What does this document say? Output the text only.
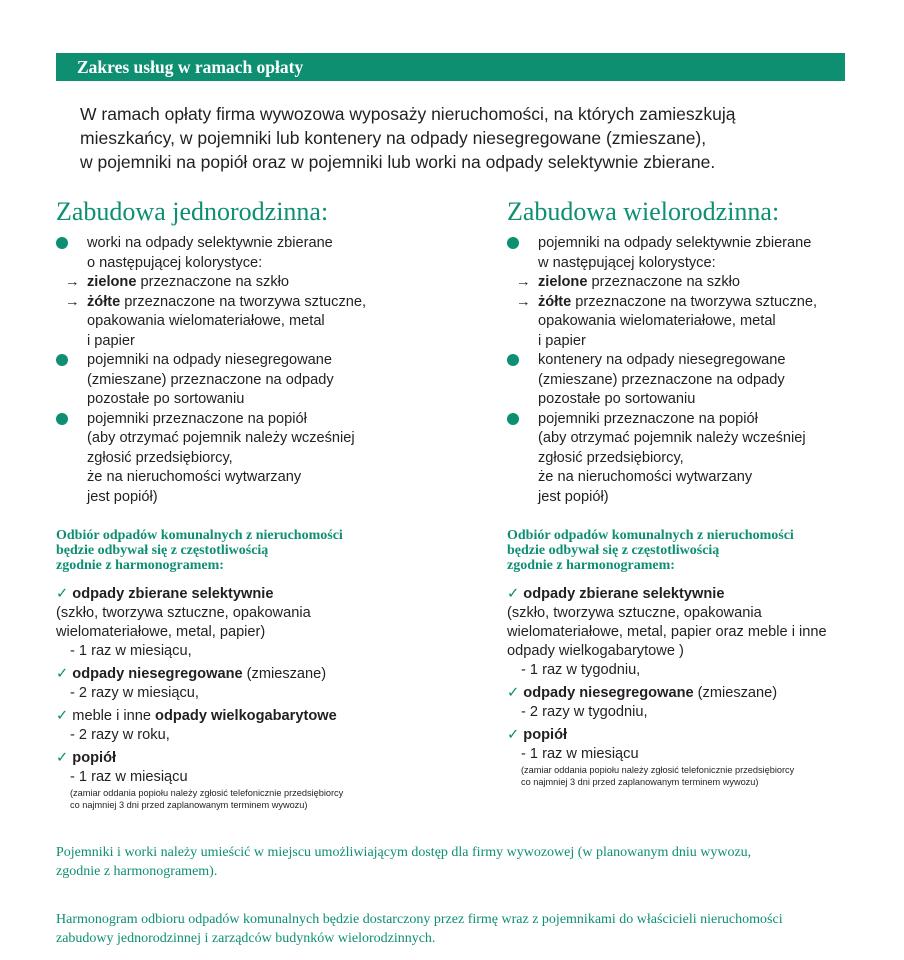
Zakres usług w ramach opłaty
W ramach opłaty firma wywozowa wyposaży nieruchomości, na których zamieszkują
mieszkańcy, w pojemniki lub kontenery na odpady niesegregowane (zmieszane),
w pojemniki na popiół oraz w pojemniki lub worki na odpady selektywnie zbierane.
Zabudowa jednorodzinna:
worki na odpady selektywnie zbierane
o następującej kolorystyce:
→ zielone przeznaczone na szkło
→ żółte przeznaczone na tworzywa sztuczne,
opakowania wielomateriałowe, metal
i papier
pojemniki na odpady niesegregowane
(zmieszane) przeznaczone na odpady
pozostałe po sortowaniu
pojemniki przeznaczone na popiół
(aby otrzymać pojemnik należy wcześniej
zgłosić przedsiębiorcy,
że na nieruchomości wytwarzany
jest popiół)
Odbiór odpadów komunalnych z nieruchomości
będzie odbywał się z częstotliwością
zgodnie z harmonogramem:
✓ odpady zbierane selektywnie
(szkło, tworzywa sztuczne, opakowania
wielomateriałowe, metal, papier)
- 1 raz w miesiącu,
✓ odpady niesegregowane (zmieszane)
- 2 razy w miesiącu,
✓ meble i inne odpady wielkogabarytowe
- 2 razy w roku,
✓ popiół
- 1 raz w miesiącu
(zamiar oddania popiołu należy zgłosić telefonicznie przedsiębiorcy
co najmniej 3 dni przed zaplanowanym terminem wywozu)
Zabudowa wielorodzinna:
pojemniki na odpady selektywnie zbierane
w następującej kolorystyce:
→ zielone przeznaczone na szkło
→ żółte przeznaczone na tworzywa sztuczne,
opakowania wielomateriałowe, metal
i papier
kontenery na odpady niesegregowane
(zmieszane) przeznaczone na odpady
pozostałe po sortowaniu
pojemniki przeznaczone na popiół
(aby otrzymać pojemnik należy wcześniej
zgłosić przedsiębiorcy,
że na nieruchomości wytwarzany
jest popiół)
Odbiór odpadów komunalnych z nieruchomości
będzie odbywał się z częstotliwością
zgodnie z harmonogramem:
✓ odpady zbierane selektywnie
(szkło, tworzywa sztuczne, opakowania
wielomateriałowe, metal, papier oraz meble i inne
odpady wielkogabarytowe )
- 1 raz w tygodniu,
✓ odpady niesegregowane (zmieszane)
- 2 razy w tygodniu,
✓ popiół
- 1 raz w miesiącu
(zamiar oddania popiołu należy zgłosić telefonicznie przedsiębiorcy
co najmniej 3 dni przed zaplanowanym terminem wywozu)

Pojemniki i worki należy umieścić w miejscu umożliwiającym dostęp dla firmy wywozowej (w planowanym dniu wywozu,
zgodnie z harmonogramem).

Harmonogram odbioru odpadów komunalnych będzie dostarczony przez firmę wraz z pojemnikami do właścicieli nieruchomości
zabudowy jednorodzinnej i zarządców budynków wielorodzinnych.
